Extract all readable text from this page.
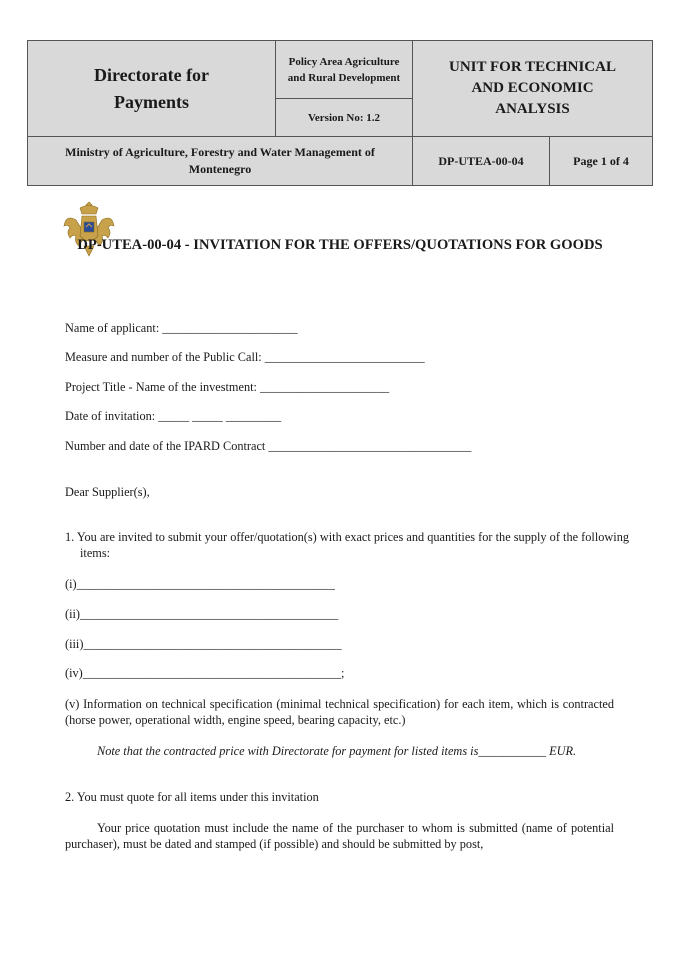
Directorate for Payments	Policy Area Agriculture and Rural Development	UNIT FOR TECHNICAL AND ECONOMIC ANALYSIS	

	Version No: 1.2		

Ministry of Agriculture, Forestry and Water Management of Montenegro		DP-UTEA-00-04	Page 1 of 4
DP-UTEA-00-04 - INVITATION FOR THE OFFERS/QUOTATIONS FOR GOODS
Name of applicant: ______________________
Measure and number of the Public Call: __________________________
Project Title - Name of the investment: _____________________
Date of invitation: _____ _____ _________
Number and date of the IPARD Contract _________________________________
Dear Supplier(s),
1. You are invited to submit your offer/quotation(s) with exact prices and quantities for the supply of the following items:
(i)__________________________________________
(ii)__________________________________________
(iii)__________________________________________
(iv)__________________________________________;
(v) Information on technical specification (minimal technical specification) for each item, which is contracted (horse power, operational width, engine speed, bearing capacity, etc.)
Note that the contracted price with Directorate for payment for listed items is___________ EUR.
2. You must quote for all items under this invitation
Your price quotation must include the name of the purchaser to whom is submitted (name of potential purchaser), must be dated and stamped (if possible) and should be submitted by post,
